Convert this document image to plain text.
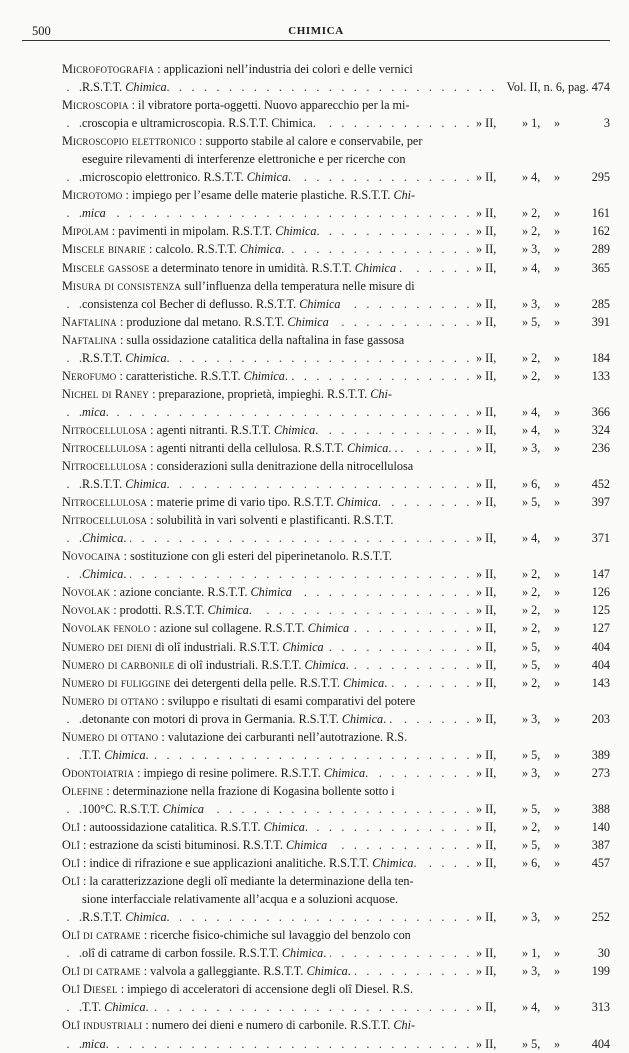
500	CHIMICA
Microfotografia : applicazioni nell’industria dei colori e delle vernici
R.S.T.T. Chimica. . . .	Vol. II, n. 6, pag. 474
Microscopia : il vibratore porta-oggetti. Nuovo apparecchio per la mi-
croscopia e ultramicroscopia. R.S.T.T. Chimica. . . .	» II, » 1, »	3
Microscopio elettronico : supporto stabile al calore e conservabile, per
eseguire rilevamenti di interferenze elettroniche e per ricerche con
microscopio elettronico. R.S.T.T. Chimica. . . .	» II, » 4, »	295
Microtomo : impiego per l’esame delle materie plastiche. R.S.T.T. Chi-
mica . . .	» II, » 2, »	161
Mipolam : pavimenti in mipolam. R.S.T.T. Chimica. . . .	» II, » 2, »	162
Miscele binarie : calcolo. R.S.T.T. Chimica. . . .	» II, » 3, »	289
Miscele gassose a determinato tenore in umidità. R.S.T.T. Chimica . . . .	» II, » 4, »	365
Misura di consistenza sull’influenza della temperatura nelle misure di
consistenza col Becher di deflusso. R.S.T.T. Chimica . . .	» II, » 3, »	285
Naftalina : produzione dal metano. R.S.T.T. Chimica . . .	» II, » 5, »	391
Naftalina : sulla ossidazione catalitica della naftalina in fase gassosa
R.S.T.T. Chimica. . . .	» II, » 2, »	184
Nerofumo : caratteristiche. R.S.T.T. Chimica. . . .	» II, » 2, »	133
Nichel di Raney : preparazione, proprietà, impieghi. R.S.T.T. Chi-
mica. . . .	» II, » 4, »	366
Nitrocellulosa : agenti nitranti. R.S.T.T. Chimica. . . .	» II, » 4, »	324
Nitrocellulosa : agenti nitranti della cellulosa. R.S.T.T. Chimica. . . . . .	» II, » 3, »	236
Nitrocellulosa : considerazioni sulla denitrazione della nitrocellulosa
R.S.T.T. Chimica. . . .	» II, » 6, »	452
Nitrocellulosa : materie prime di vario tipo. R.S.T.T. Chimica. . . .	» II, » 5, »	397
Nitrocellulosa : solubilità in vari solventi e plastificanti. R.S.T.T.
Chimica. . . .	» II, » 4, »	371
Novocaina : sostituzione con gli esteri del piperinetanolo. R.S.T.T.
Chimica. . . .	» II, » 2, »	147
Novolak : azione conciante. R.S.T.T. Chimica . . .	» II, » 2, »	126
Novolak : prodotti. R.S.T.T. Chimica. . . .	» II, » 2, »	125
Novolak fenolo : azione sul collagene. R.S.T.T. Chimica . . .	» II, » 2, »	127
Numero dei dieni di olî industriali. R.S.T.T. Chimica . . .	» II, » 5, »	404
Numero di carbonile di olî industriali. R.S.T.T. Chimica. . . .	» II, » 5, »	404
Numero di fuliggine dei detergenti della pelle. R.S.T.T. Chimica. . . .	» II, » 2, »	143
Numero di ottano : sviluppo e risultati di esami comparativi del potere
detonante con motori di prova in Germania. R.S.T.T. Chimica. . . . .	» II, » 3, »	203
Numero di ottano : valutazione dei carburanti nell’autotrazione. R.S.
T.T. Chimica. . . .	» II, » 5, »	389
Odontoiatria : impiego di resine polimere. R.S.T.T. Chimica. . . .	» II, » 3, »	273
Olefine : determinazione nella frazione di Kogasina bollente sotto i
100°C. R.S.T.T. Chimica . . .	» II, » 5, »	388
Olî : autoossidazione catalitica. R.S.T.T. Chimica. . . .	» II, » 2, »	140
Olî : estrazione da scisti bituminosi. R.S.T.T. Chimica . . .	» II, » 5, »	387
Olî : indice di rifrazione e sue applicazioni analitiche. R.S.T.T. Chimica. . . .	» II, » 6, »	457
Olî : la caratterizzazione degli olî mediante la determinazione della ten-
sione interfacciale relativamente all’acqua e a soluzioni acquose.
R.S.T.T. Chimica. . . .	» II, » 3, »	252
Olî di catrame : ricerche fisico-chimiche sul lavaggio del benzolo con
olî di catrame di carbon fossile. R.S.T.T. Chimica. . . .	» II, » 1, »	30
Olî di catrame : valvola a galleggiante. R.S.T.T. Chimica. . . .	» II, » 3, »	199
Olî Diesel : impiego di acceleratori di accensione degli olî Diesel. R.S.
T.T. Chimica. . . .	» II, » 4, »	313
Olî industriali : numero dei dieni e numero di carbonile. R.S.T.T. Chi-
mica. . . .	» II, » 5, »	404
